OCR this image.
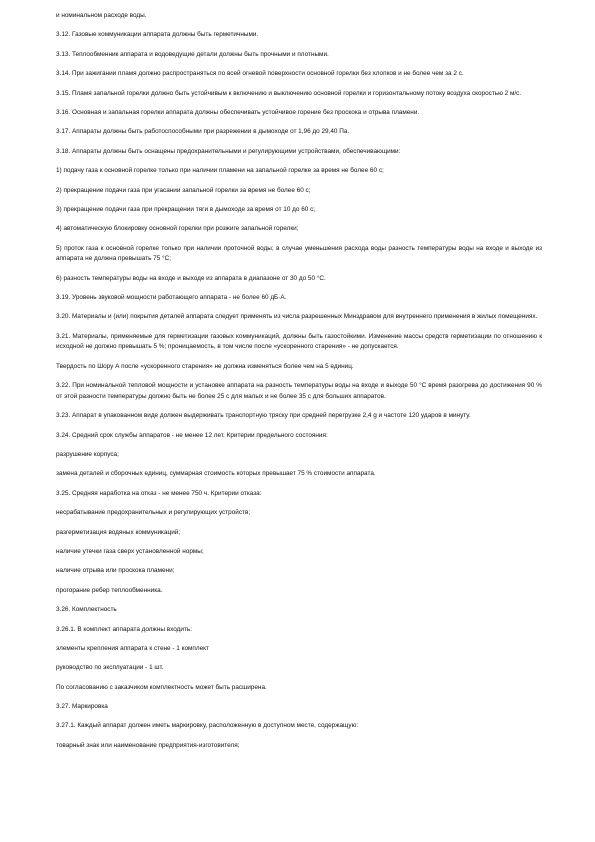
и номинальном расходе воды.

3.12. Газовые коммуникации аппарата должны быть герметичными.

3.13. Теплообменник аппарата и водоведущие детали должны быть прочными и плотными.

3.14. При зажигании пламя должно распространяться по всей огневой поверхности основной горелки без хлопков и не более чем за 2 с.

3.15. Пламя запальной горелки должно быть устойчивым к включению и выключению основной горелки и горизонтальному потоку воздуха скоростью 2 м/с.

3.16. Основная и запальная горелки аппарата должны обеспечивать устойчивое горение без проскока и отрыва пламени.

3.17. Аппараты должны быть работоспособными при разрежении в дымоходе от 1,96 до 29,40 Па.

3.18. Аппараты должны быть оснащены предохранительными и регулирующими устройствами, обеспечивающими:

1) подачу газа к основной горелке только при наличии пламени на запальной горелке за время не более 60 с;

2) прекращение подачи газа при угасании запальной горелки за время не более 60 с;

3) прекращение подачи газа при прекращении тяги в дымоходе за время от 10 до 60 с;

4) автоматическую блокировку основной горелки при розжиге запальной горелки;

5) проток газа к основной горелке только при наличии проточной воды; в случае уменьшения расхода воды разность температуры воды на входе и выходе из аппарата не должна превышать 75 °С;

6) разность температуры воды на входе и выходе из аппарата в диапазоне от 30 до 50 °С.

3.19. Уровень звуковой мощности работающего аппарата - не более 60 дБ·А.

3.20. Материалы и (или) покрытия деталей аппарата следует применять из числа разрешенных Минздравом для внутреннего применения в жилых помещениях.

3.21. Материалы, применяемые для герметизации газовых коммуникаций, должны быть газостойкими. Изменение массы средств герметизации по отношению к исходной не должно превышать 5 %; проницаемость, в том числе после «ускоренного старения» - не допускается.

Твердость по Шору А после «ускоренного старения» не должна изменяться более чем на 5 единиц.

3.22. При номинальной тепловой мощности и установке аппарата на разность температуры воды на входе и выходе 50 °С время разогрева до достижения 90 % от этой разности температуры должно быть не более 25 с для малых и не более 35 с для больших аппаратов.

3.23. Аппарат в упакованном виде должен выдерживать транспортную тряску при средней перегрузке 2,4 g и частоте 120 ударов в минуту.

3.24. Средний срок службы аппаратов - не менее 12 лет. Критерии предельного состояния:

разрушение корпуса;

замена деталей и сборочных единиц, суммарная стоимость которых превышает 75 % стоимости аппарата.

3.25. Средняя наработка на отказ - не менее 750 ч. Критерии отказа:

несрабатывание предохранительных и регулирующих устройств;

разгерметизация водяных коммуникаций;

наличие утечки газа сверх установленной нормы;

наличие отрыва или проскока пламени;

прогорание ребер теплообменника.

3.26. Комплектность

3.26.1. В комплект аппарата должны входить:

элементы крепления аппарата к стене - 1 комплект

руководство по эксплуатации - 1 шт.

По согласованию с заказчиком комплектность может быть расширена.

3.27. Маркировка

3.27.1. Каждый аппарат должен иметь маркировку, расположенную в доступном месте, содержащую:

товарный знак или наименование предприятия-изготовителя;
